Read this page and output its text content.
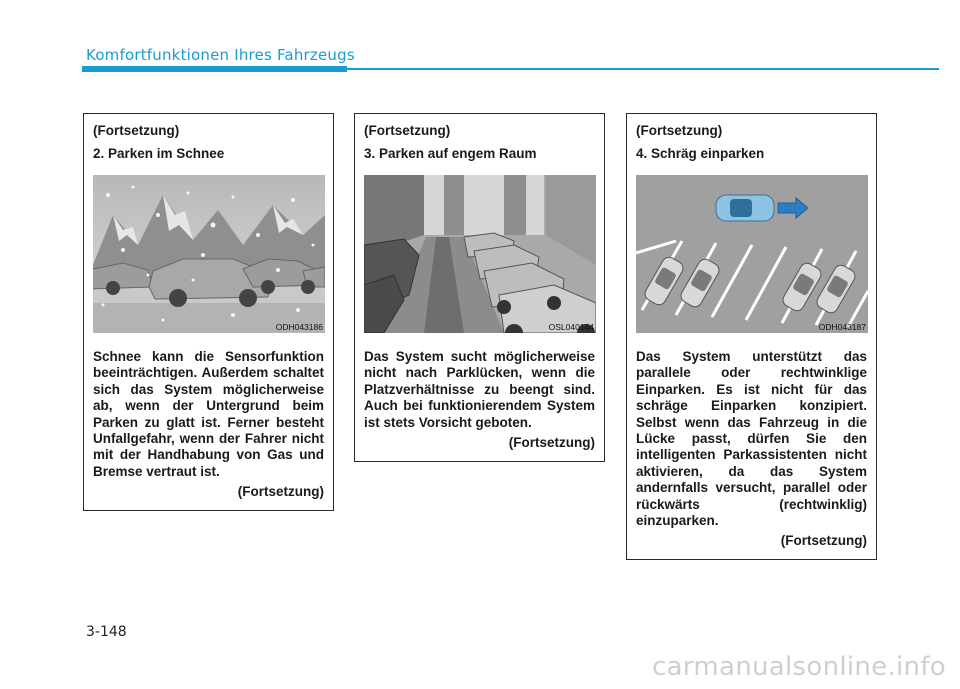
Komfortfunktionen Ihres Fahrzeugs
(Fortsetzung)
2. Parken im Schnee
ODH043186
Schnee kann die Sensorfunktion beeinträchtigen. Außerdem schaltet sich das System möglicherweise ab, wenn der Untergrund beim Parken zu glatt ist. Ferner besteht Unfallgefahr, wenn der Fahrer nicht mit der Handhabung von Gas und Bremse vertraut ist.
(Fortsetzung)
(Fortsetzung)
3. Parken auf engem Raum
OSL040144
Das System sucht möglicherweise nicht nach Parklücken, wenn die Platzverhältnisse zu beengt sind. Auch bei funktionierendem System ist stets Vorsicht geboten.
(Fortsetzung)
(Fortsetzung)
4. Schräg einparken
ODH043187
Das System unterstützt das parallele oder rechtwinklige Einparken. Es ist nicht für das schräge Einparken konzipiert. Selbst wenn das Fahrzeug in die Lücke passt, dürfen Sie den intelligenten Parkassistenten nicht aktivieren, da das System andernfalls versucht, parallel oder rückwärts (rechtwinklig) einzuparken.
(Fortsetzung)
3-148
carmanualsonline.info
